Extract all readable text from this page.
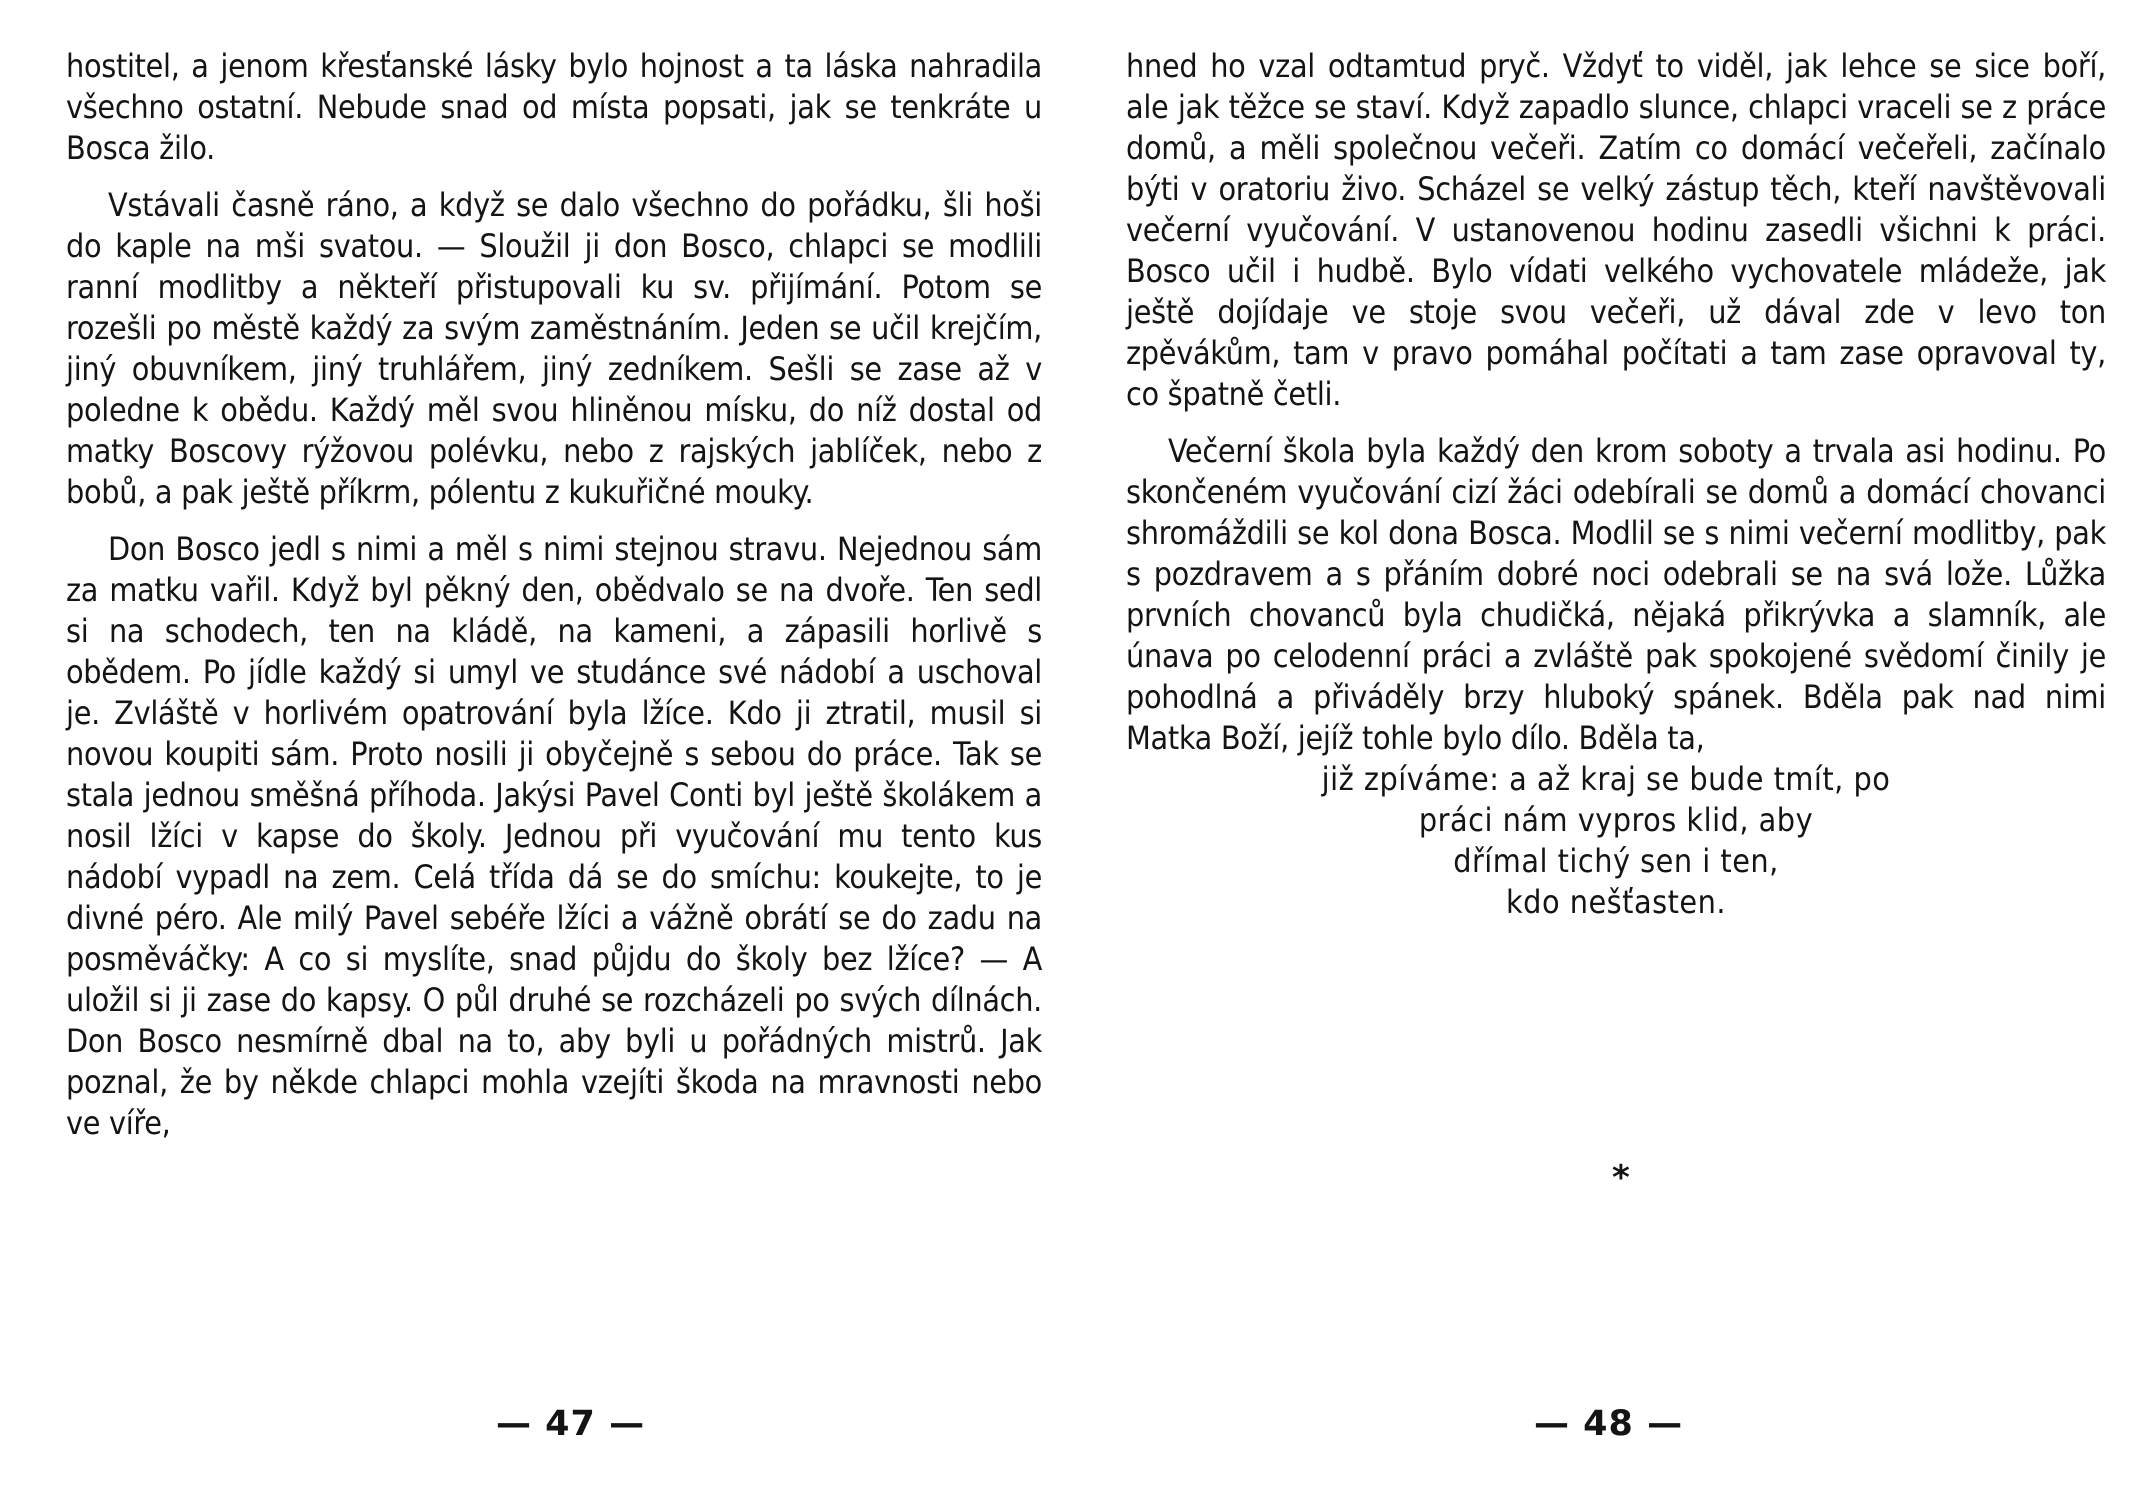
hostitel, a jenom křesťanské lásky bylo hojnost a ta láska nahradila všechno ostatní. Nebude snad od místa popsati, jak se tenkráte u Bosca žilo.

Vstávali časně ráno, a když se dalo všechno do pořádku, šli hoši do kaple na mši svatou. — Sloužil ji don Bosco, chlapci se modlili ranní modlitby a někteří přistupovali ku sv. přijímání. Potom se rozešli po městě každý za svým zaměstnáním. Jeden se učil krejčím, jiný obuvníkem, jiný truhlářem, jiný zedníkem. Sešli se zase až v poledne k obědu. Každý měl svou hliněnou mísku, do níž dostal od matky Boscovy rýžovou polévku, nebo z rajských jablíček, nebo z bobů, a pak ještě příkrm, pólentu z kukuřičné mouky.

Don Bosco jedl s nimi a měl s nimi stejnou stravu. Nejednou sám za matku vařil. Když byl pěkný den, obědvalo se na dvoře. Ten sedl si na schodech, ten na kládě, na kameni, a zápasili horlivě s obědem. Po jídle každý si umyl ve studánce své nádobí a uschoval je. Zvláště v horlivém opatrování byla lžíce. Kdo ji ztratil, musil si novou koupiti sám. Proto nosili ji obyčejně s sebou do práce. Tak se stala jednou směšná příhoda. Jakýsi Pavel Conti byl ještě školákem a nosil lžíci v kapse do školy. Jednou při vyučování mu tento kus nádobí vypadl na zem. Celá třída dá se do smíchu: koukejte, to je divné péro. Ale milý Pavel sebéře lžíci a vážně obrátí se do zadu na posměváčky: A co si myslíte, snad půjdu do školy bez lžíce? — A uložil si ji zase do kapsy. O půl druhé se rozcházeli po svých dílnách. Don Bosco nesmírně dbal na to, aby byli u pořádných mistrů. Jak poznal, že by někde chlapci mohla vzejíti škoda na mravnosti nebo ve víře,

hned ho vzal odtamtud pryč. Vždyť to viděl, jak lehce se sice boří, ale jak těžce se staví. Když zapadlo slunce, chlapci vraceli se z práce domů, a měli společnou večeři. Zatím co domácí večeřeli, začínalo býti v oratoriu živo. Scházel se velký zástup těch, kteří navštěvovali večerní vyučování. V ustanovenou hodinu zasedli všichni k práci. Bosco učil i hudbě. Bylo vídati velkého vychovatele mládeže, jak ještě dojídaje ve stoje svou večeři, už dával zde v levo ton zpěvákům, tam v pravo pomáhal počítati a tam zase opravoval ty, co špatně četli.

Večerní škola byla každý den krom soboty a trvala asi hodinu. Po skončeném vyučování cizí žáci odebírali se domů a domácí chovanci shromáždili se kol dona Bosca. Modlil se s nimi večerní modlitby, pak s pozdravem a s přáním dobré noci odebrali se na svá lože. Lůžka prvních chovanců byla chudičká, nějaká přikrývka a slamník, ale únava po celodenní práci a zvláště pak spokojené svědomí činily je pohodlná a přiváděly brzy hluboký spánek. Bděla pak nad nimi Matka Boží, jejíž tohle bylo dílo. Bděla ta,

již zpíváme: a až kraj se bude tmít, po
práci nám vypros klid, aby
dřímal tichý sen i ten,
kdo nešťasten.
*
— 47 —	— 48 —
